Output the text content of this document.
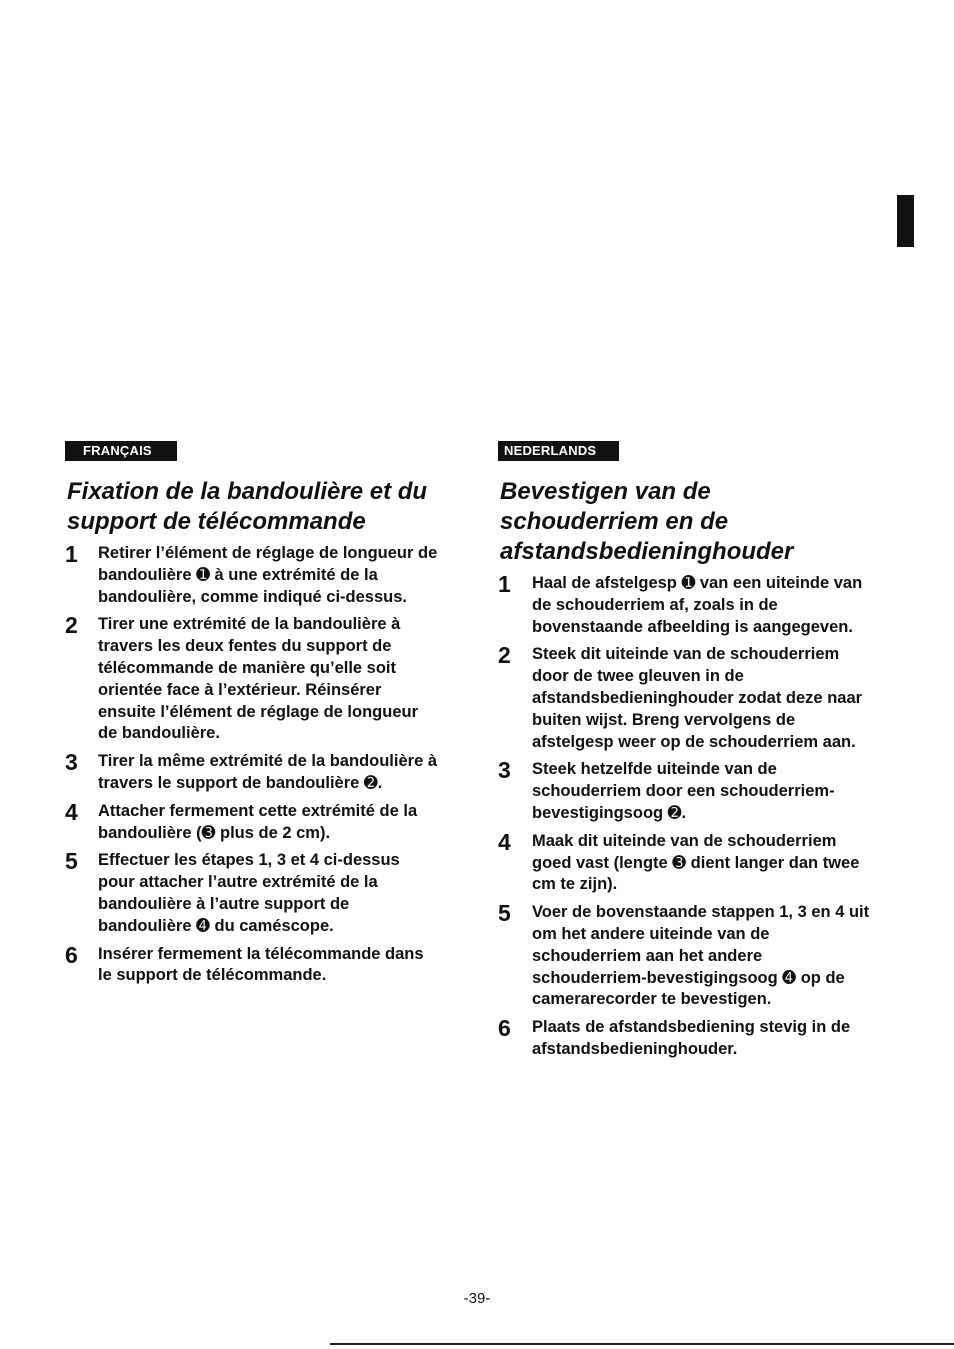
FRANÇAIS
Fixation de la bandoulière et du support de télécommande
1 Retirer l’élément de réglage de longueur de bandoulière ➊ à une extrémité de la bandoulière, comme indiqué ci-dessus.
2 Tirer une extrémité de la bandoulière à travers les deux fentes du support de télécommande de manière qu’elle soit orientée face à l’extérieur. Réinsérer ensuite l’élément de réglage de longueur de bandoulière.
3 Tirer la même extrémité de la bandoulière à travers le support de bandoulière ➋.
4 Attacher fermement cette extrémité de la bandoulière (➌ plus de 2 cm).
5 Effectuer les étapes 1, 3 et 4 ci-dessus pour attacher l’autre extrémité de la bandoulière à l’autre support de bandoulière ➍ du caméscope.
6 Insérer fermement la télécommande dans le support de télécommande.
NEDERLANDS
Bevestigen van de schouderriem en de afstandsbedieninghouder
1 Haal de afstelgesp ➊ van een uiteinde van de schouderriem af, zoals in de bovenstaande afbeelding is aangegeven.
2 Steek dit uiteinde van de schouderriem door de twee gleuven in de afstandsbedieninghouder zodat deze naar buiten wijst. Breng vervolgens de afstelgesp weer op de schouderriem aan.
3 Steek hetzelfde uiteinde van de schouderriem door een schouderriem-bevestigingsoog ➋.
4 Maak dit uiteinde van de schouderriem goed vast (lengte ➌ dient langer dan twee cm te zijn).
5 Voer de bovenstaande stappen 1, 3 en 4 uit om het andere uiteinde van de schouderriem aan het andere schouderriem-bevestigingsoog ➍ op de camerarecorder te bevestigen.
6 Plaats de afstandsbediening stevig in de afstandsbedieninghouder.
-39-
